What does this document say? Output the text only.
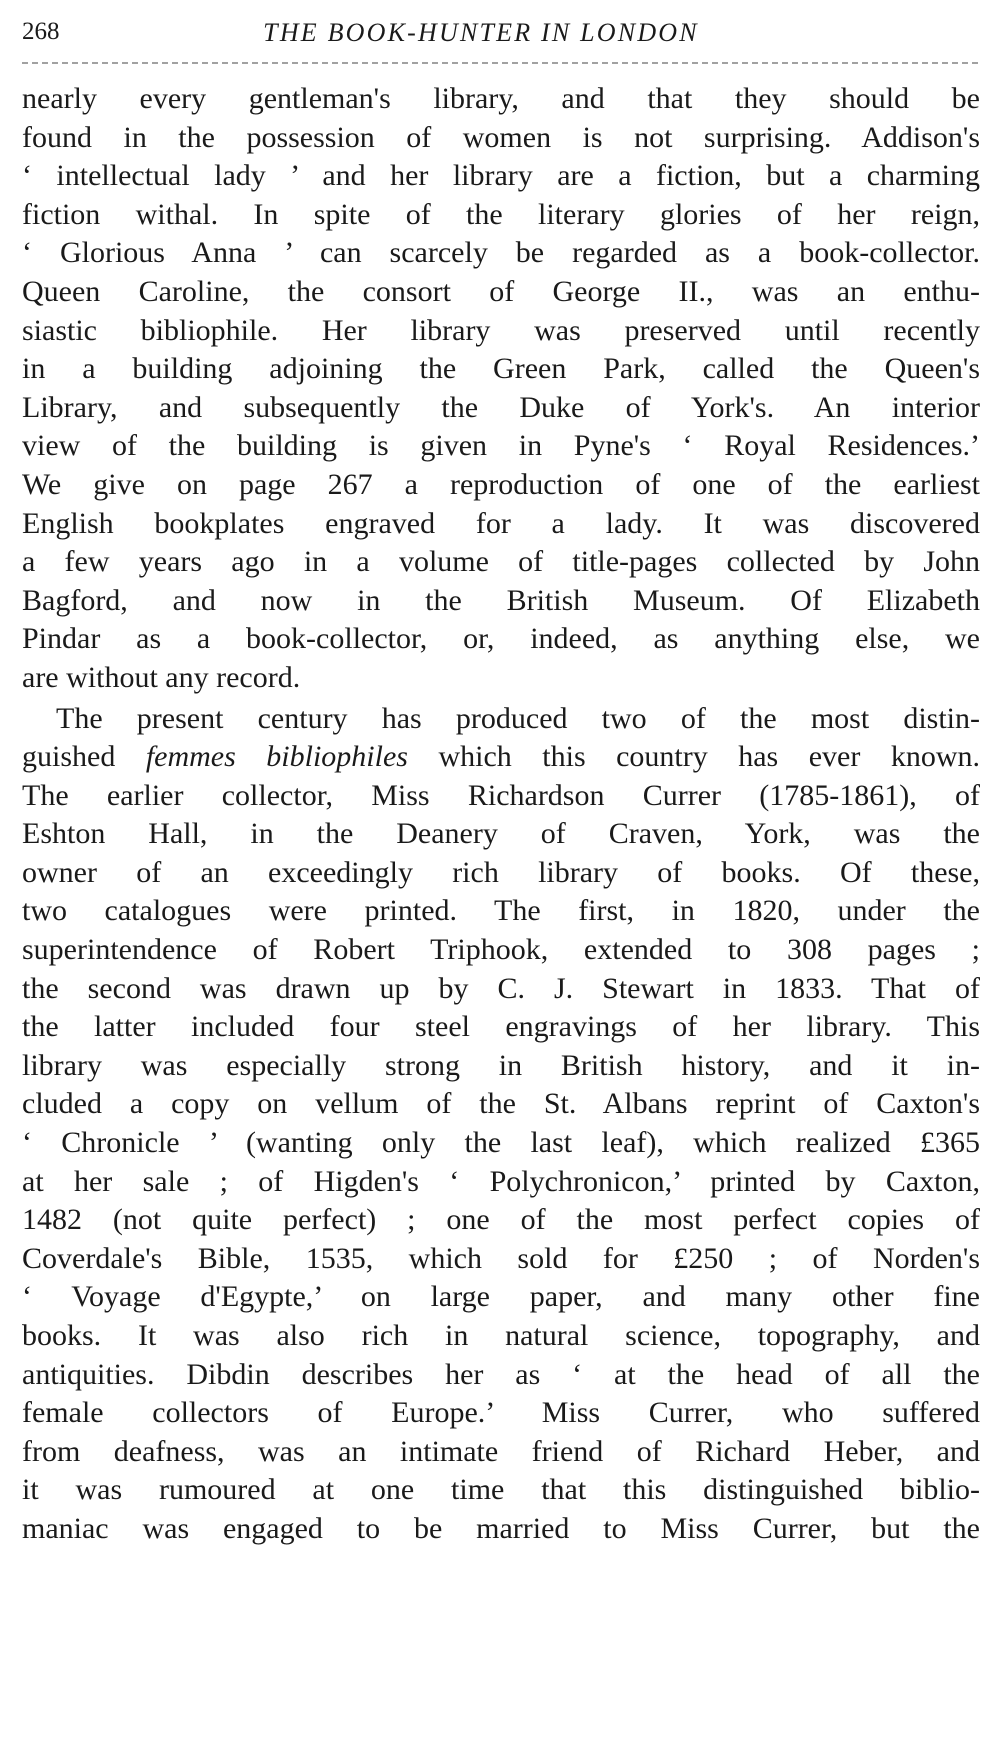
268	THE BOOK-HUNTER IN LONDON
nearly every gentleman's library, and that they should be
found in the possession of women is not surprising. Addison's
‘ intellectual lady ’ and her library are a fiction, but a charming
fiction withal. In spite of the literary glories of her reign,
‘ Glorious Anna ’ can scarcely be regarded as a book-collector.
Queen Caroline, the consort of George II., was an enthu-
siastic bibliophile. Her library was preserved until recently
in a building adjoining the Green Park, called the Queen's
Library, and subsequently the Duke of York's. An interior
view of the building is given in Pyne's ‘ Royal Residences.’
We give on page 267 a reproduction of one of the earliest
English bookplates engraved for a lady. It was discovered
a few years ago in a volume of title-pages collected by John
Bagford, and now in the British Museum. Of Elizabeth
Pindar as a book-collector, or, indeed, as anything else, we
are without any record.
The present century has produced two of the most distin-
guished femmes bibliophiles which this country has ever known.
The earlier collector, Miss Richardson Currer (1785-1861), of
Eshton Hall, in the Deanery of Craven, York, was the
owner of an exceedingly rich library of books. Of these,
two catalogues were printed. The first, in 1820, under the
superintendence of Robert Triphook, extended to 308 pages ;
the second was drawn up by C. J. Stewart in 1833. That of
the latter included four steel engravings of her library. This
library was especially strong in British history, and it in-
cluded a copy on vellum of the St. Albans reprint of Caxton's
‘ Chronicle ’ (wanting only the last leaf), which realized £365
at her sale ; of Higden's ‘ Polychronicon,’ printed by Caxton,
1482 (not quite perfect) ; one of the most perfect copies of
Coverdale's Bible, 1535, which sold for £250 ; of Norden's
‘ Voyage d'Egypte,’ on large paper, and many other fine
books. It was also rich in natural science, topography, and
antiquities. Dibdin describes her as ‘ at the head of all the
female collectors of Europe.’ Miss Currer, who suffered
from deafness, was an intimate friend of Richard Heber, and
it was rumoured at one time that this distinguished biblio-
maniac was engaged to be married to Miss Currer, but the
